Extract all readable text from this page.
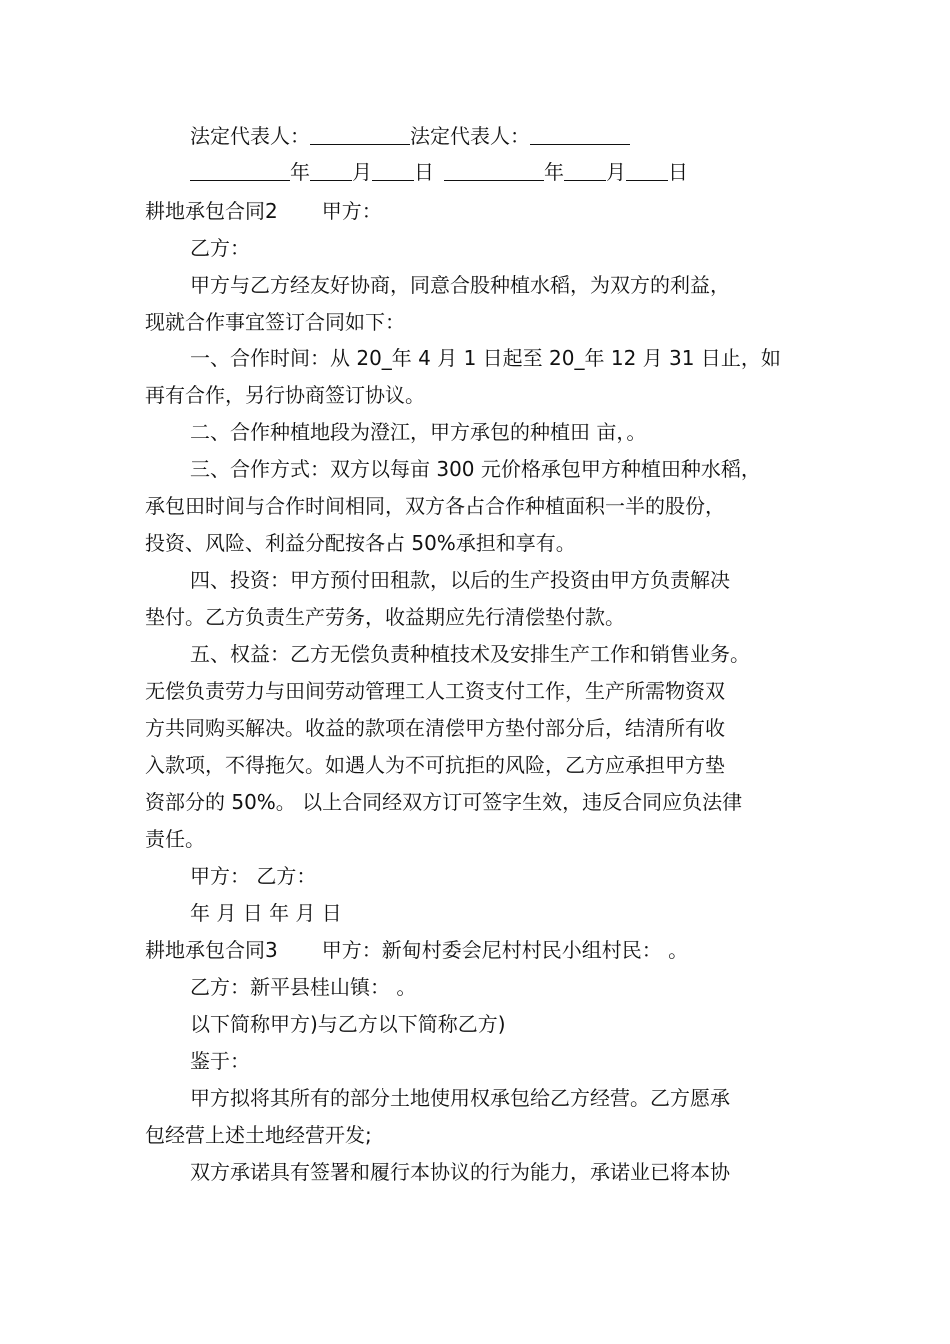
法定代表人：	法定代表人：
年 月 日	年 月 日
耕地承包合同2 甲方：
乙方：
甲方与乙方经友好协商，同意合股种植水稻，为双方的利益，
现就合作事宜签订合同如下：
一、合作时间：从 20_年 4 月 1 日起至 20_年 12 月 31 日止，如
再有合作，另行协商签订协议。
二、合作种植地段为澄江，甲方承包的种植田 亩，。
三、合作方式：双方以每亩 300 元价格承包甲方种植田种水稻，
承包田时间与合作时间相同，双方各占合作种植面积一半的股份，
投资、风险、利益分配按各占 50%承担和享有。
四、投资：甲方预付田租款，以后的生产投资由甲方负责解决
垫付。乙方负责生产劳务，收益期应先行清偿垫付款。
五、权益：乙方无偿负责种植技术及安排生产工作和销售业务。
无偿负责劳力与田间劳动管理工人工资支付工作，生产所需物资双
方共同购买解决。收益的款项在清偿甲方垫付部分后，结清所有收
入款项，不得拖欠。如遇人为不可抗拒的风险，乙方应承担甲方垫
资部分的 50%。 以上合同经双方订可签字生效，违反合同应负法律
责任。
甲方： 乙方：
年 月 日 年 月 日
耕地承包合同3 甲方：新甸村委会尼村村民小组村民： 。
乙方：新平县桂山镇： 。
以下简称甲方)与乙方以下简称乙方)
鉴于：
甲方拟将其所有的部分土地使用权承包给乙方经营。乙方愿承
包经营上述土地经营开发;
双方承诺具有签署和履行本协议的行为能力，承诺业已将本协
